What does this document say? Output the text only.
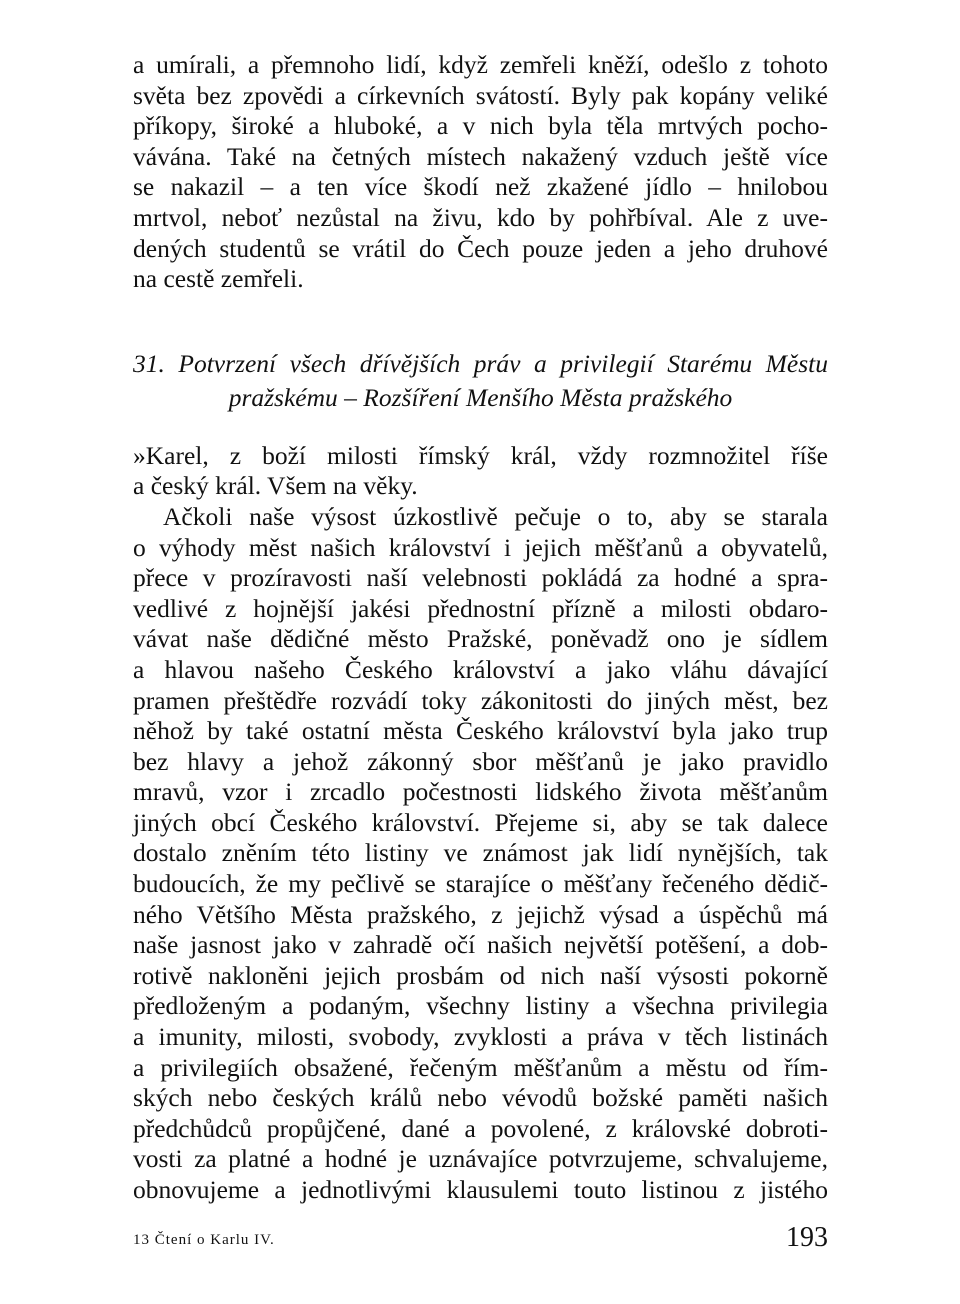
a umírali, a přemnoho lidí, když zemřeli kněží, odešlo z tohoto
světa bez zpovědi a církevních svátostí. Byly pak kopány veliké
příkopy, široké a hluboké, a v nich byla těla mrtvých pocho-
vávána. Také na četných místech nakažený vzduch ještě více
se nakazil – a ten více škodí než zkažené jídlo – hnilobou
mrtvol, neboť nezůstal na živu, kdo by pohřbíval. Ale z uve-
dených studentů se vrátil do Čech pouze jeden a jeho druhové
na cestě zemřeli.
31. Potvrzení všech dřívějších práv a privilegií Starému Městu
pražskému – Rozšíření Menšího Města pražského
»Karel, z boží milosti římský král, vždy rozmnožitel říše
a český král. Všem na věky.
Ačkoli naše výsost úzkostlivě pečuje o to, aby se starala
o výhody měst našich království i jejich měšťanů a obyvatelů,
přece v prozíravosti naší velebnosti pokládá za hodné a spra-
vedlivé z hojnější jakési přednostní přízně a milosti obdaro-
vávat naše dědičné město Pražské, poněvadž ono je sídlem
a hlavou našeho Českého království a jako vláhu dávající
pramen přeštědře rozvádí toky zákonitosti do jiných měst, bez
něhož by také ostatní města Českého království byla jako trup
bez hlavy a jehož zákonný sbor měšťanů je jako pravidlo
mravů, vzor i zrcadlo počestnosti lidského života měšťanům
jiných obcí Českého království. Přejeme si, aby se tak dalece
dostalo zněním této listiny ve známost jak lidí nynějších, tak
budoucích, že my pečlivě se starajíce o měšťany řečeného dědič-
ného Většího Města pražského, z jejichž výsad a úspěchů má
naše jasnost jako v zahradě očí našich největší potěšení, a dob-
rotivě nakloněni jejich prosbám od nich naší výsosti pokorně
předloženým a podaným, všechny listiny a všechna privilegia
a imunity, milosti, svobody, zvyklosti a práva v těch listinách
a privilegiích obsažené, řečeným měšťanům a městu od řím-
ských nebo českých králů nebo vévodů božské paměti našich
předchůdců propůjčené, dané a povolené, z královské dobroti-
vosti za platné a hodné je uznávajíce potvrzujeme, schvalujeme,
obnovujeme a jednotlivými klausulemi touto listinou z jistého
13 Čtení o Karlu IV.	193
